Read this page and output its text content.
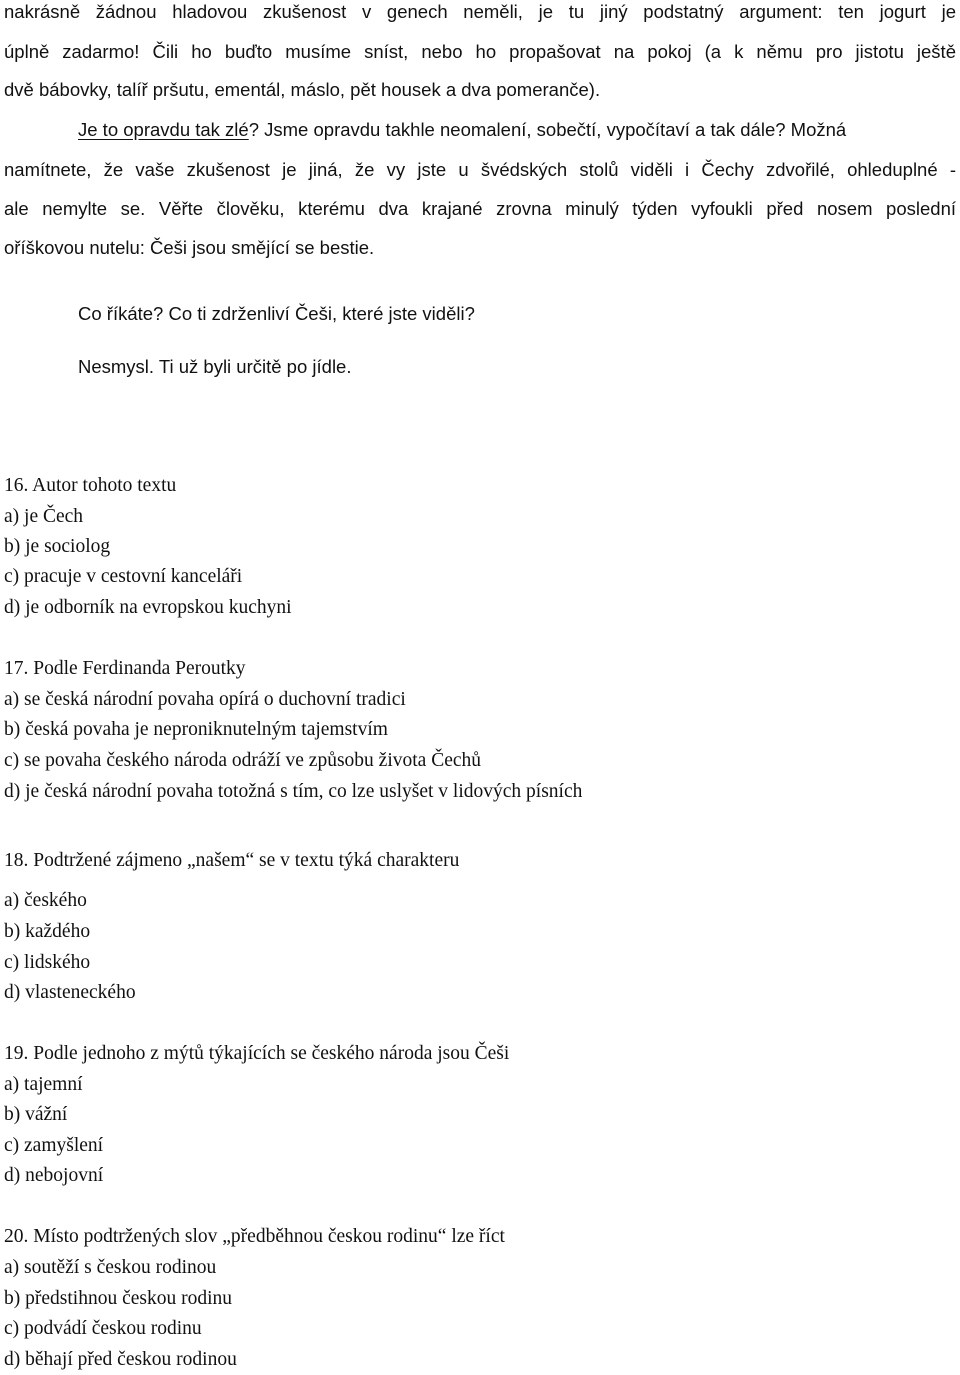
nakrásně žádnou hladovou zkušenost v genech neměli, je tu jiný podstatný argument: ten jogurt je

úplně zadarmo! Čili ho buďto musíme sníst, nebo ho propašovat na pokoj (a k němu pro jistotu ještě

dvě bábovky, talíř pršutu, ementál, máslo, pět housek a dva pomeranče).

Je to opravdu tak zlé? Jsme opravdu takhle neomalení, sobečtí, vypočítaví a tak dále? Možná

namítnete, že vaše zkušenost je jiná, že vy jste u švédských stolů viděli i Čechy zdvořilé, ohleduplné -

ale nemylte se. Věřte člověku, kterému dva krajané zrovna minulý týden vyfoukli před nosem poslední

oříškovou nutelu: Češi jsou smějící se bestie.

Co říkáte? Co ti zdrženliví Češi, které jste viděli?

Nesmysl. Ti už byli určitě po jídle.

16. Autor tohoto textu

a) je Čech

b) je sociolog

c) pracuje v cestovní kanceláři

d) je odborník na evropskou kuchyni

17. Podle Ferdinanda Peroutky

a) se česká národní povaha opírá o duchovní tradici

b) česká povaha je neproniknutelným tajemstvím

c) se povaha českého národa odráží ve způsobu života Čechů

d) je česká národní povaha totožná s tím, co lze uslyšet v lidových písních

18. Podtržené zájmeno „našem“ se v textu týká charakteru

a) českého

b) každého

c) lidského

d) vlasteneckého

19. Podle jednoho z mýtů týkajících se českého národa jsou Češi

a) tajemní

b) vážní

c) zamyšlení

d) nebojovní

20. Místo podtržených slov „předběhnou českou rodinu“ lze říct

a) soutěží s českou rodinou

b) předstihnou českou rodinu

c) podvádí českou rodinu

d) běhají před českou rodinou
